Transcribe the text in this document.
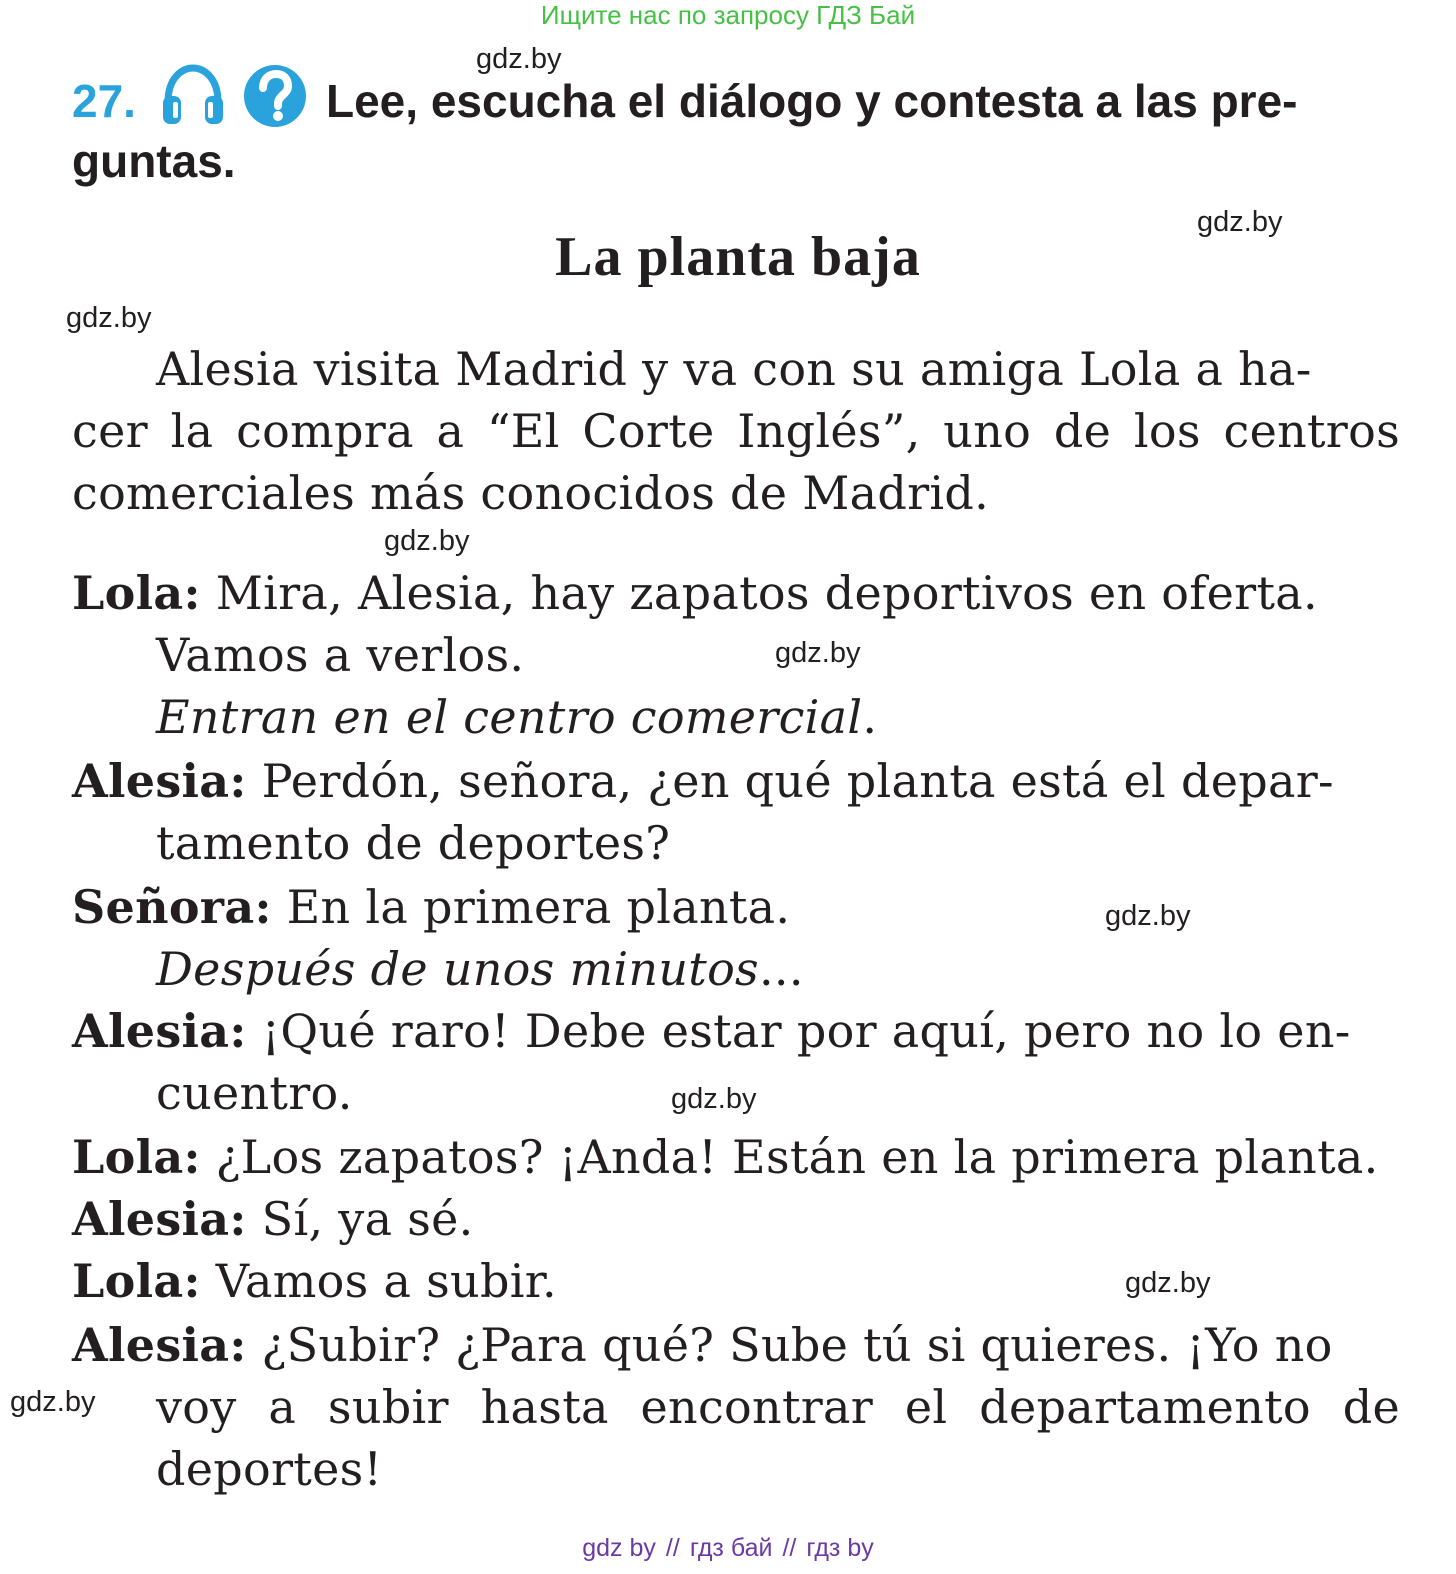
Ищите нас по запросу ГДЗ Бай
gdz.by
gdz.by
gdz.by
gdz.by
gdz.by
gdz.by
gdz.by
gdz.by
gdz.by
27.	Lee, escucha el diálogo y contesta a las pre-
guntas.
La planta baja
Alesia visita Madrid y va con su amiga Lola a ha-
cer la compra a “El Corte Inglés”, uno de los centros
comerciales más conocidos de Madrid.
Lola: Mira, Alesia, hay zapatos deportivos en oferta.
Vamos a verlos.
Entran en el centro comercial.
Alesia: Perdón, señora, ¿en qué planta está el depar-
tamento de deportes?
Señora: En la primera planta.
Después de unos minutos...
Alesia: ¡Qué raro! Debe estar por aquí, pero no lo en-
cuentro.
Lola: ¿Los zapatos? ¡Anda! Están en la primera planta.
Alesia: Sí, ya sé.
Lola: Vamos a subir.
Alesia: ¿Subir? ¿Para qué? Sube tú si quieres. ¡Yo no
voy a subir hasta encontrar el departamento de
deportes!
gdz by // гдз бай // гдз by
